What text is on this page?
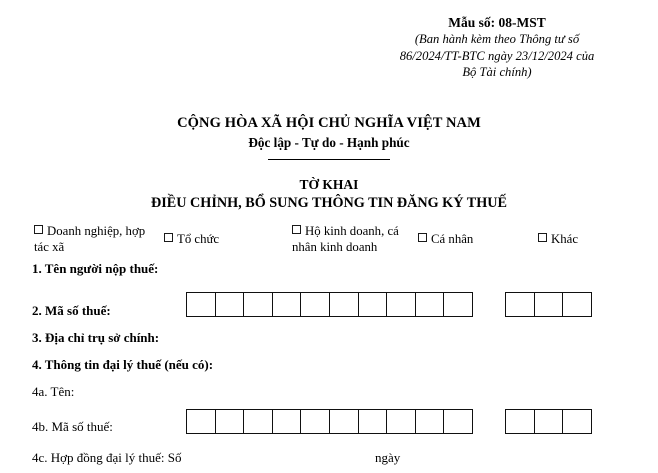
Mẫu số: 08-MST
(Ban hành kèm theo Thông tư số
86/2024/TT-BTC ngày 23/12/2024 của
Bộ Tài chính)
CỘNG HÒA XÃ HỘI CHỦ NGHĨA VIỆT NAM
Độc lập - Tự do - Hạnh phúc
TỜ KHAI
ĐIỀU CHỈNH, BỔ SUNG THÔNG TIN ĐĂNG KÝ THUẾ
Doanh nghiệp, hợp tác xã
Tổ chức
Hộ kinh doanh, cá nhân kinh doanh
Cá nhân	Khác
1. Tên người nộp thuế:
2. Mã số thuế:
3. Địa chỉ trụ sở chính:
4. Thông tin đại lý thuế (nếu có):
4a. Tên:
4b. Mã số thuế:
4c. Hợp đồng đại lý thuế: Số	ngày
